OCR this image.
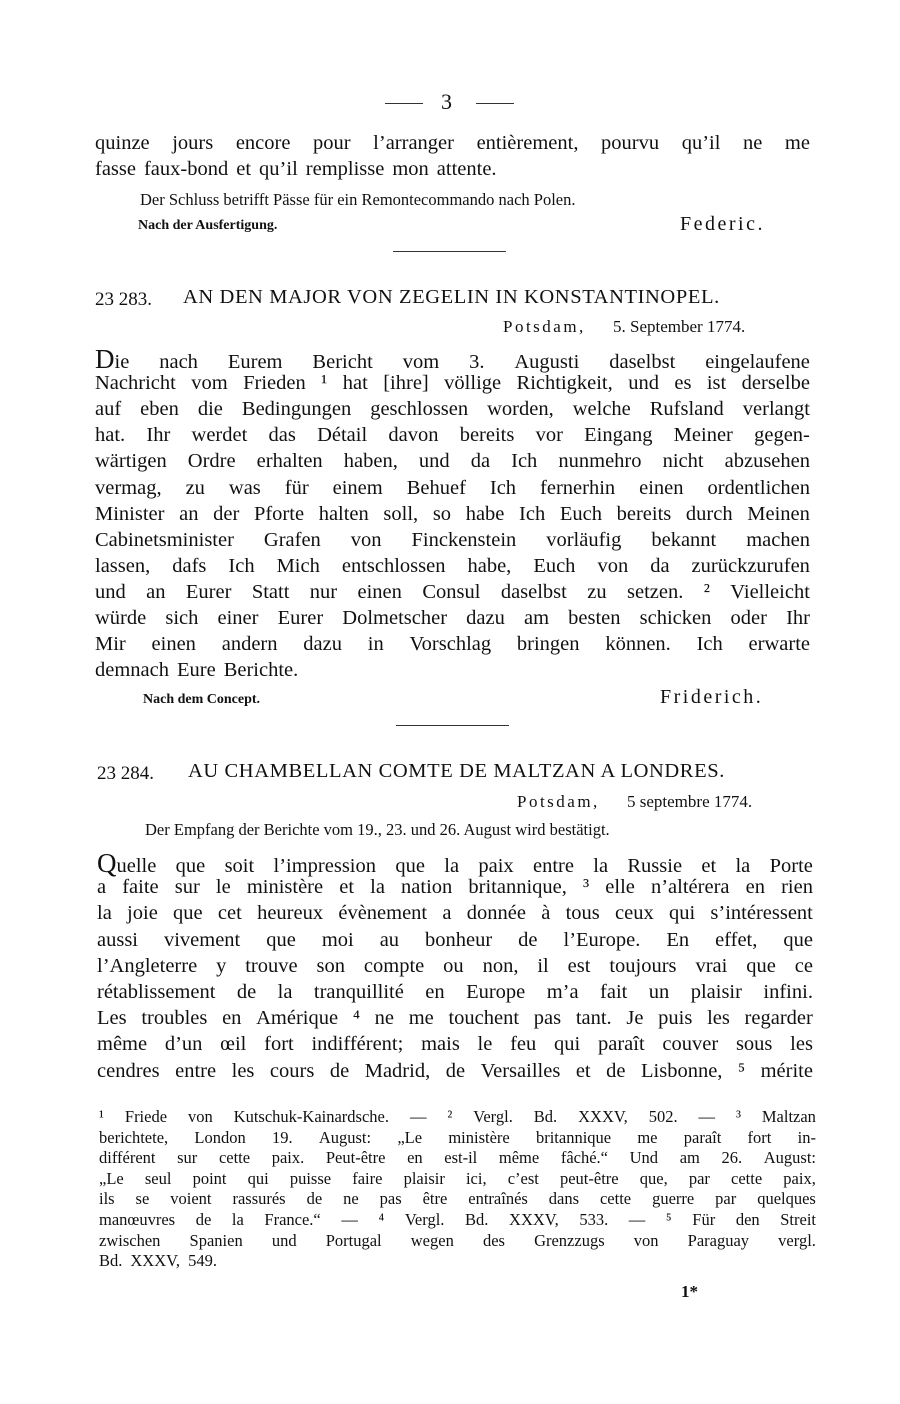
3
quinze jours encore pour l’arranger entièrement, pourvu qu’il ne me
fasse faux-bond et qu’il remplisse mon attente.
Der Schluss betrifft Pässe für ein Remontecommando nach Polen.
Nach der Ausfertigung.	Federic.
23 283. AN DEN MAJOR VON ZEGELIN IN KONSTANTINOPEL.
Potsdam, 5. September 1774.
Die nach Eurem Bericht vom 3. Augusti daselbst eingelaufene
Nachricht vom Frieden ¹ hat [ihre] völlige Richtigkeit, und es ist derselbe
auf eben die Bedingungen geschlossen worden, welche Rufsland verlangt
hat. Ihr werdet das Détail davon bereits vor Eingang Meiner gegen-
wärtigen Ordre erhalten haben, und da Ich nunmehro nicht abzusehen
vermag, zu was für einem Behuef Ich fernerhin einen ordentlichen
Minister an der Pforte halten soll, so habe Ich Euch bereits durch Meinen
Cabinetsminister Grafen von Finckenstein vorläufig bekannt machen
lassen, dafs Ich Mich entschlossen habe, Euch von da zurückzurufen
und an Eurer Statt nur einen Consul daselbst zu setzen. ² Vielleicht
würde sich einer Eurer Dolmetscher dazu am besten schicken oder Ihr
Mir einen andern dazu in Vorschlag bringen können. Ich erwarte
demnach Eure Berichte.
Nach dem Concept.	Friderich.
23 284. AU CHAMBELLAN COMTE DE MALTZAN A LONDRES.
Potsdam, 5 septembre 1774.
Der Empfang der Berichte vom 19., 23. und 26. August wird bestätigt.
Quelle que soit l’impression que la paix entre la Russie et la Porte
a faite sur le ministère et la nation britannique, ³ elle n’altérera en rien
la joie que cet heureux évènement a donnée à tous ceux qui s’intéressent
aussi vivement que moi au bonheur de l’Europe. En effet, que
l’Angleterre y trouve son compte ou non, il est toujours vrai que ce
rétablissement de la tranquillité en Europe m’a fait un plaisir infini.
Les troubles en Amérique ⁴ ne me touchent pas tant. Je puis les regarder
même d’un œil fort indifférent; mais le feu qui paraît couver sous les
cendres entre les cours de Madrid, de Versailles et de Lisbonne, ⁵ mérite
¹ Friede von Kutschuk-Kainardsche. — ² Vergl. Bd. XXXV, 502. — ³ Maltzan
berichtete, London 19. August: „Le ministère britannique me paraît fort in-
différent sur cette paix. Peut-être en est-il même fâché.“ Und am 26. August:
„Le seul point qui puisse faire plaisir ici, c’est peut-être que, par cette paix,
ils se voient rassurés de ne pas être entraînés dans cette guerre par quelques
manœuvres de la France.“ — ⁴ Vergl. Bd. XXXV, 533. — ⁵ Für den Streit
zwischen Spanien und Portugal wegen des Grenzzugs von Paraguay vergl.
Bd. XXXV, 549.
1*
